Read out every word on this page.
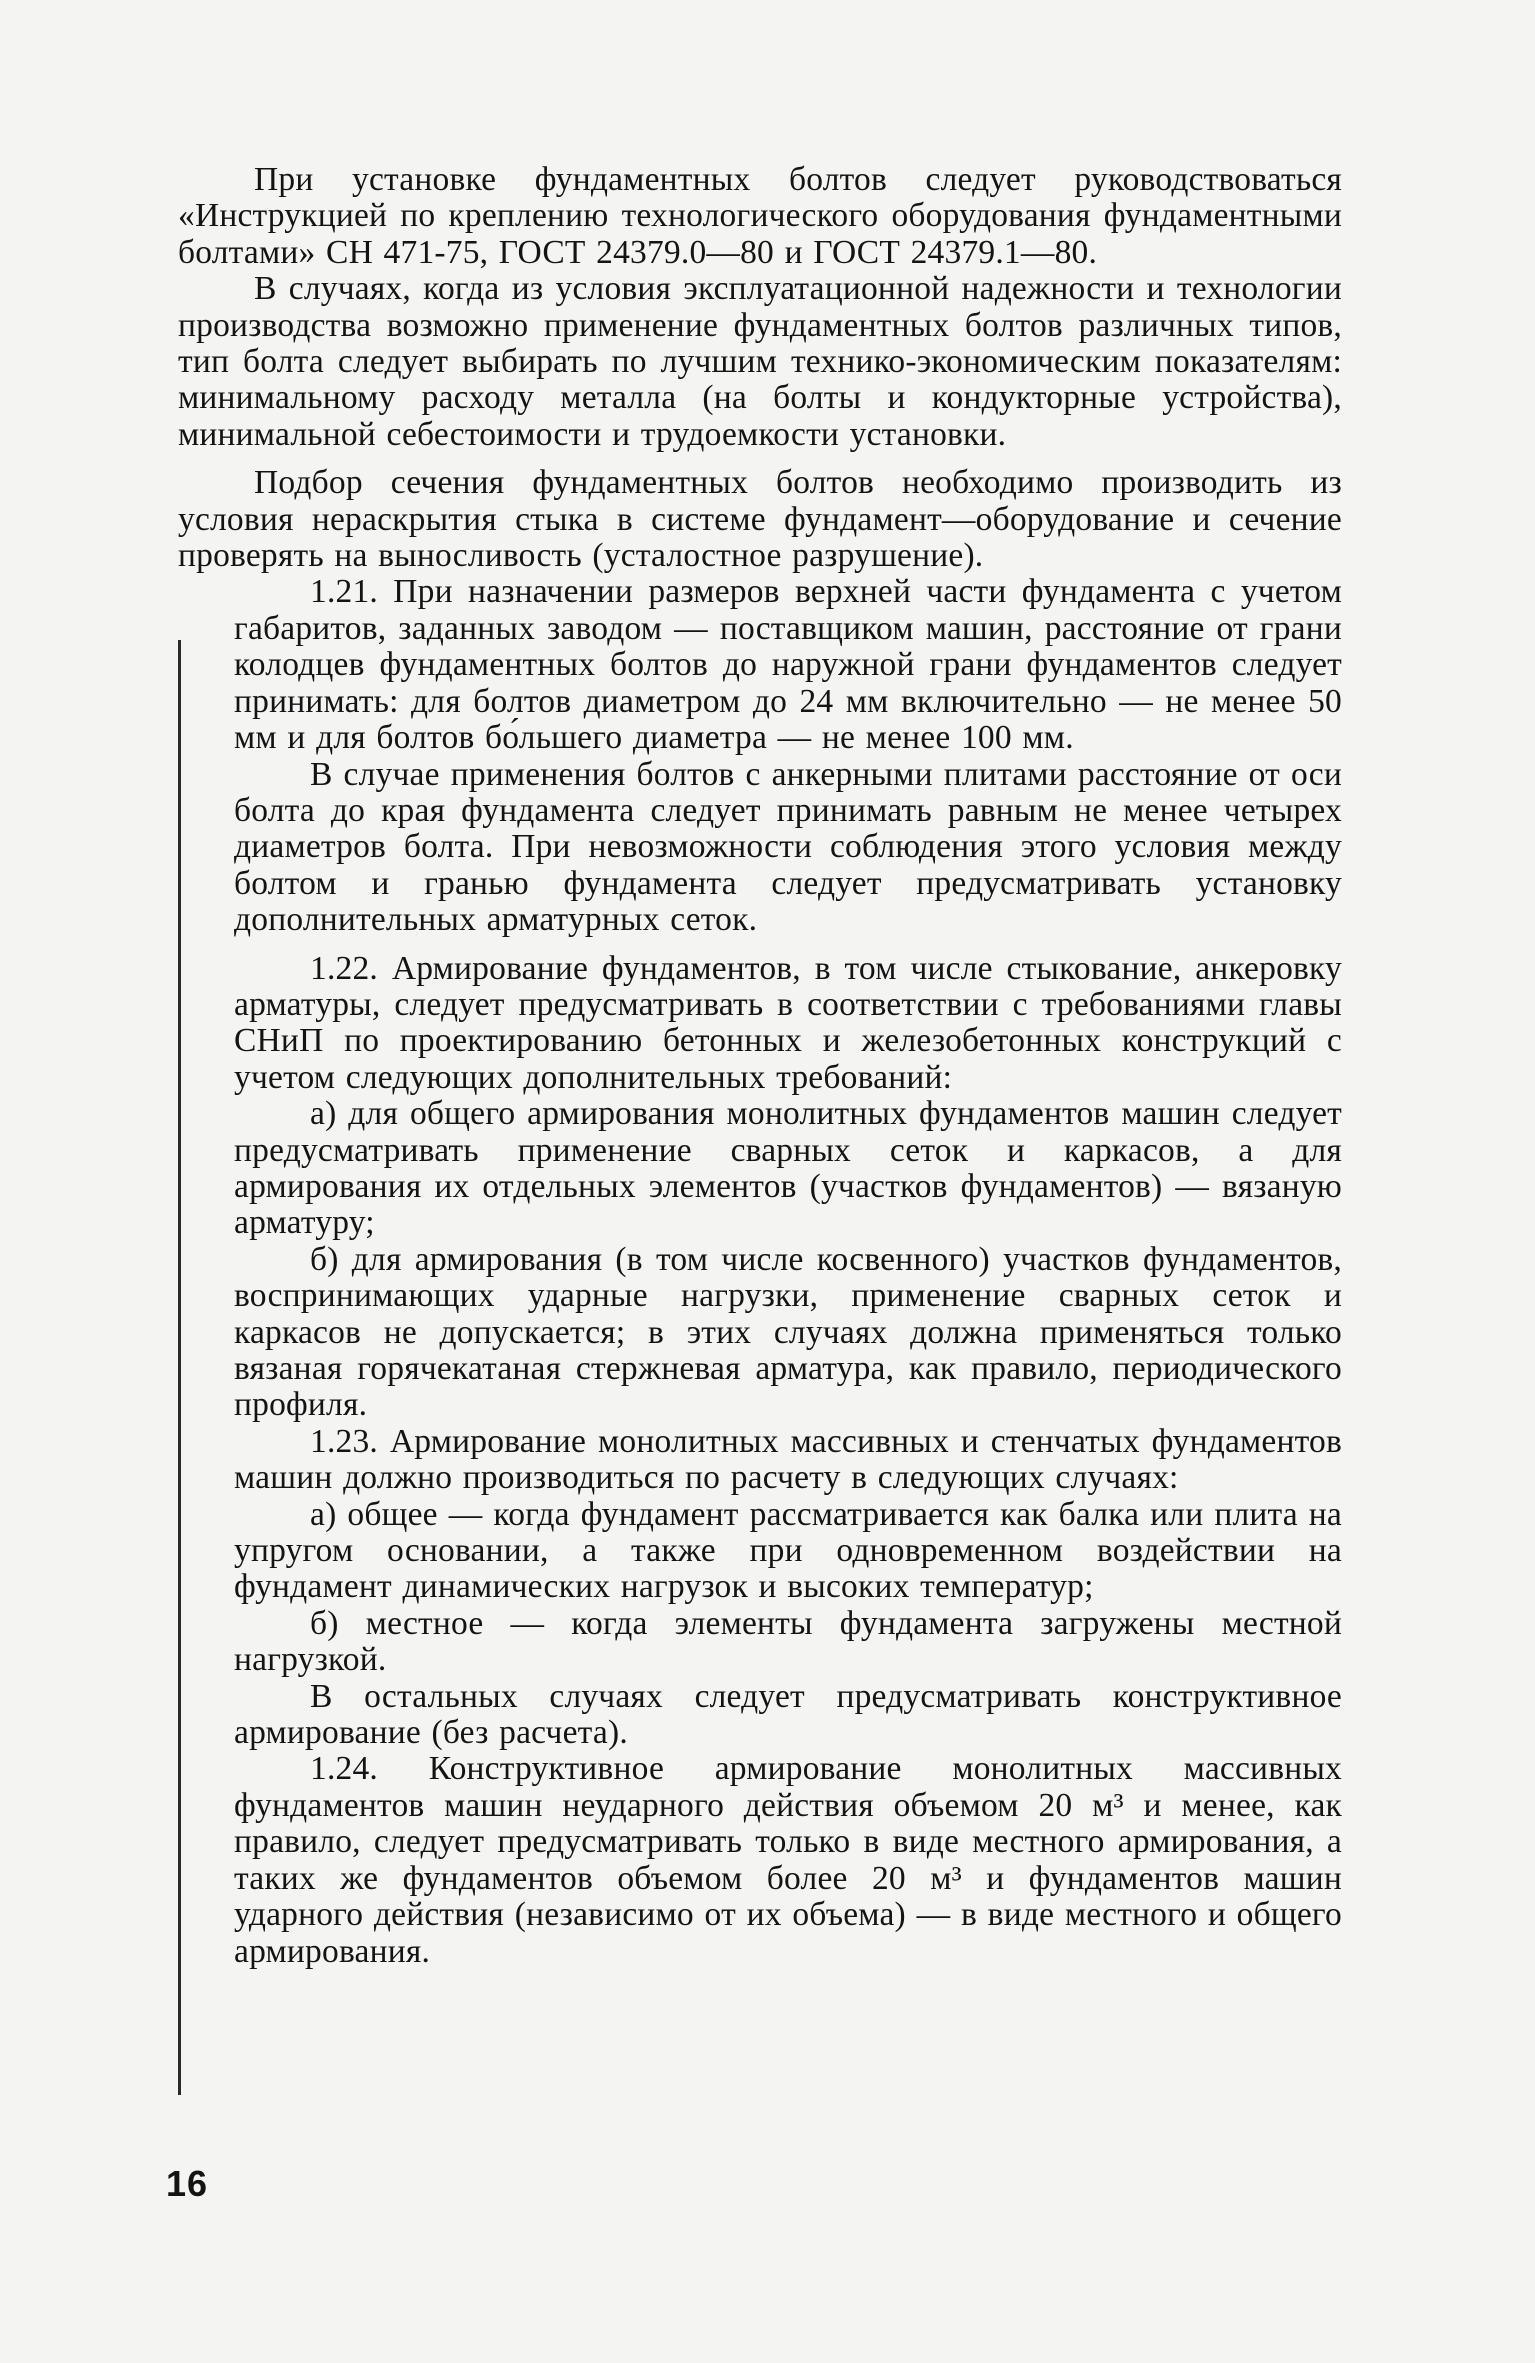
При установке фундаментных болтов следует руководствоваться «Инструкцией по креплению технологического оборудования фундаментными болтами» СН 471-75, ГОСТ 24379.0—80 и ГОСТ 24379.1—80.

В случаях, когда из условия эксплуатационной надежности и технологии производства возможно применение фундаментных болтов различных типов, тип болта следует выбирать по лучшим технико-экономическим показателям: минимальному расходу металла (на болты и кондукторные устройства), минимальной себестоимости и трудоемкости установки.

Подбор сечения фундаментных болтов необходимо производить из условия нераскрытия стыка в системе фундамент—оборудование и сечение проверять на выносливость (усталостное разрушение).

1.21. При назначении размеров верхней части фундамента с учетом габаритов, заданных заводом — поставщиком машин, расстояние от грани колодцев фундаментных болтов до наружной грани фундаментов следует принимать: для болтов диаметром до 24 мм включительно — не менее 50 мм и для болтов бо́льшего диаметра — не менее 100 мм.

В случае применения болтов с анкерными плитами расстояние от оси болта до края фундамента следует принимать равным не менее четырех диаметров болта. При невозможности соблюдения этого условия между болтом и гранью фундамента следует предусматривать установку дополнительных арматурных сеток.

1.22. Армирование фундаментов, в том числе стыкование, анкеровку арматуры, следует предусматривать в соответствии с требованиями главы СНиП по проектированию бетонных и железобетонных конструкций с учетом следующих дополнительных требований:

а) для общего армирования монолитных фундаментов машин следует предусматривать применение сварных сеток и каркасов, а для армирования их отдельных элементов (участков фундаментов) — вязаную арматуру;

б) для армирования (в том числе косвенного) участков фундаментов, воспринимающих ударные нагрузки, применение сварных сеток и каркасов не допускается; в этих случаях должна применяться только вязаная горячекатаная стержневая арматура, как правило, периодического профиля.

1.23. Армирование монолитных массивных и стенчатых фундаментов машин должно производиться по расчету в следующих случаях:

а) общее — когда фундамент рассматривается как балка или плита на упругом основании, а также при одновременном воздействии на фундамент динамических нагрузок и высоких температур;

б) местное — когда элементы фундамента загружены местной нагрузкой.

В остальных случаях следует предусматривать конструктивное армирование (без расчета).

1.24. Конструктивное армирование монолитных массивных фундаментов машин неударного действия объемом 20 м³ и менее, как правило, следует предусматривать только в виде местного армирования, а таких же фундаментов объемом более 20 м³ и фундаментов машин ударного действия (независимо от их объема) — в виде местного и общего армирования.

16
